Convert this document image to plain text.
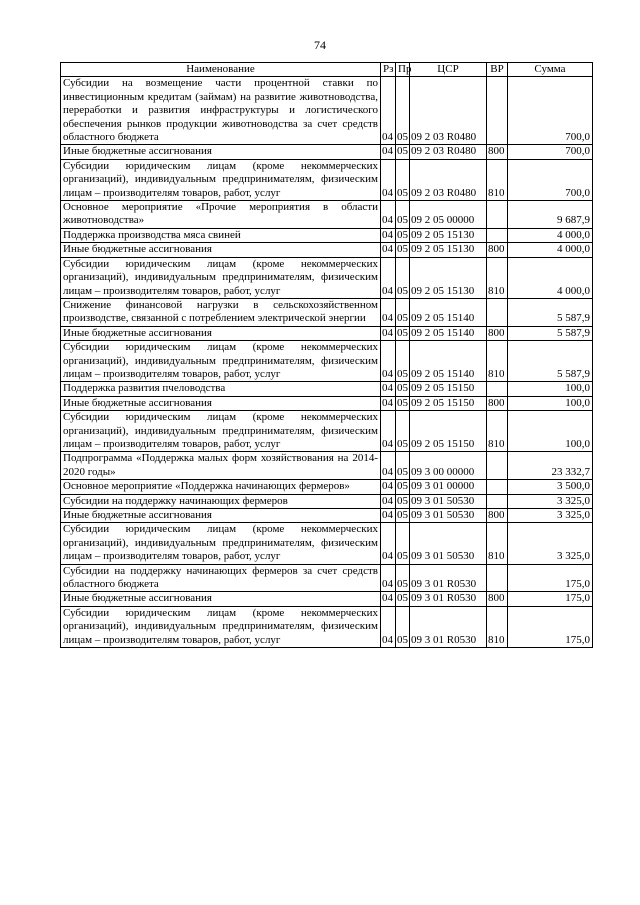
74
Наименование	Рз	Пр	ЦСР	ВР	Сумма
Субсидии на возмещение части процентной ставки по инвестиционным кредитам (займам) на развитие животноводства, переработки и развития инфраструктуры и логистического обеспечения рынков продукции животноводства за счет средств областного бюджета	04	05	09 2 03 R0480		700,0
Иные бюджетные ассигнования	04	05	09 2 03 R0480	800	700,0
Субсидии юридическим лицам (кроме некоммерческих организаций), индивидуальным предпринимателям, физическим лицам – производителям товаров, работ, услуг	04	05	09 2 03 R0480	810	700,0
Основное мероприятие «Прочие мероприятия в области животноводства»	04	05	09 2 05 00000		9 687,9
Поддержка производства мяса свиней	04	05	09 2 05 15130		4 000,0
Иные бюджетные ассигнования	04	05	09 2 05 15130	800	4 000,0
Субсидии юридическим лицам (кроме некоммерческих организаций), индивидуальным предпринимателям, физическим лицам – производителям товаров, работ, услуг	04	05	09 2 05 15130	810	4 000,0
Снижение финансовой нагрузки в сельскохозяйственном производстве, связанной с потреблением электрической энергии	04	05	09 2 05 15140		5 587,9
Иные бюджетные ассигнования	04	05	09 2 05 15140	800	5 587,9
Субсидии юридическим лицам (кроме некоммерческих организаций), индивидуальным предпринимателям, физическим лицам – производителям товаров, работ, услуг	04	05	09 2 05 15140	810	5 587,9
Поддержка развития пчеловодства	04	05	09 2 05 15150		100,0
Иные бюджетные ассигнования	04	05	09 2 05 15150	800	100,0
Субсидии юридическим лицам (кроме некоммерческих организаций), индивидуальным предпринимателям, физическим лицам – производителям товаров, работ, услуг	04	05	09 2 05 15150	810	100,0
Подпрограмма «Поддержка малых форм хозяйствования на 2014-2020 годы»	04	05	09 3 00 00000		23 332,7
Основное мероприятие «Поддержка начинающих фермеров»	04	05	09 3 01 00000		3 500,0
Субсидии на поддержку начинающих фермеров	04	05	09 3 01 50530		3 325,0
Иные бюджетные ассигнования	04	05	09 3 01 50530	800	3 325,0
Субсидии юридическим лицам (кроме некоммерческих организаций), индивидуальным предпринимателям, физическим лицам – производителям товаров, работ, услуг	04	05	09 3 01 50530	810	3 325,0
Субсидии на поддержку начинающих фермеров за счет средств областного бюджета	04	05	09 3 01 R0530		175,0
Иные бюджетные ассигнования	04	05	09 3 01 R0530	800	175,0
Субсидии юридическим лицам (кроме некоммерческих организаций), индивидуальным предпринимателям, физическим лицам – производителям товаров, работ, услуг	04	05	09 3 01 R0530	810	175,0
